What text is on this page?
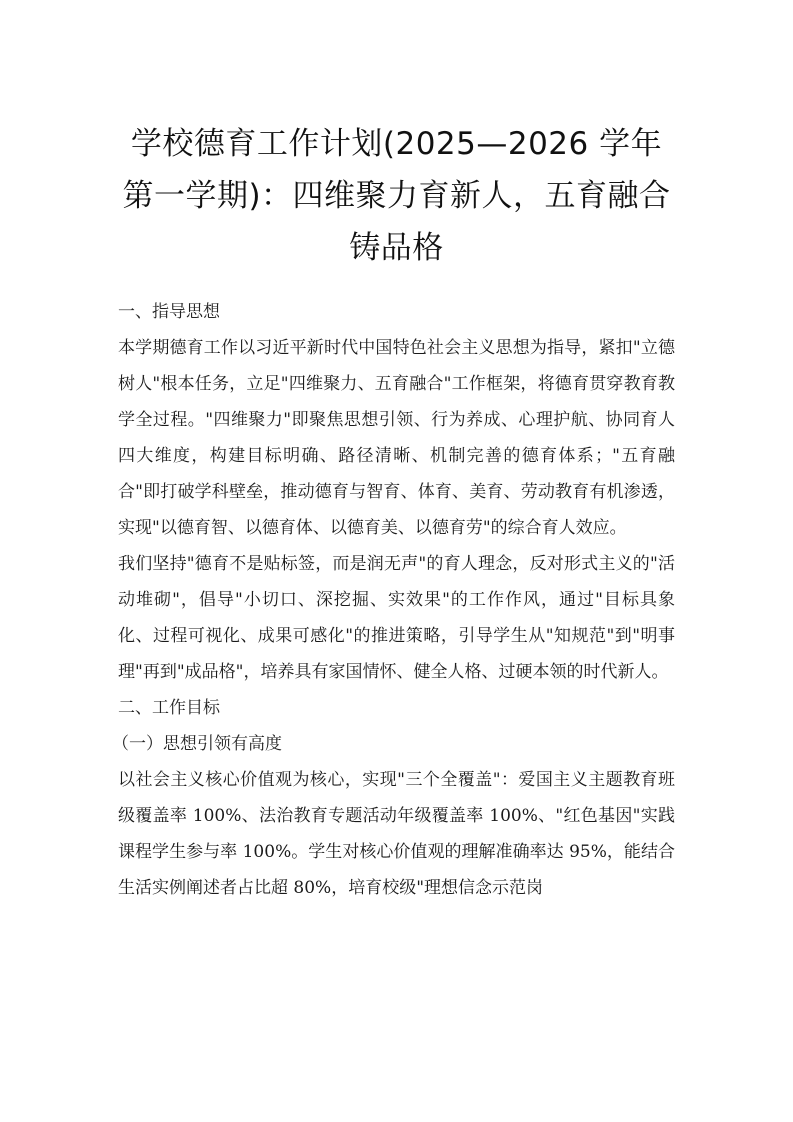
学校德育工作计划(2025—2026 学年第一学期)：四维聚力育新人，五育融合铸品格

一、指导思想

本学期德育工作以习近平新时代中国特色社会主义思想为指导，紧扣"立德树人"根本任务，立足"四维聚力、五育融合"工作框架，将德育贯穿教育教学全过程。"四维聚力"即聚焦思想引领、行为养成、心理护航、协同育人四大维度，构建目标明确、路径清晰、机制完善的德育体系；"五育融合"即打破学科壁垒，推动德育与智育、体育、美育、劳动教育有机渗透，实现"以德育智、以德育体、以德育美、以德育劳"的综合育人效应。

我们坚持"德育不是贴标签，而是润无声"的育人理念，反对形式主义的"活动堆砌"，倡导"小切口、深挖掘、实效果"的工作作风，通过"目标具象化、过程可视化、成果可感化"的推进策略，引导学生从"知规范"到"明事理"再到"成品格"，培养具有家国情怀、健全人格、过硬本领的时代新人。

二、工作目标

（一）思想引领有高度

以社会主义核心价值观为核心，实现"三个全覆盖"：爱国主义主题教育班级覆盖率 100%、法治教育专题活动年级覆盖率 100%、"红色基因"实践课程学生参与率 100%。学生对核心价值观的理解准确率达 95%，能结合生活实例阐述者占比超 80%，培育校级"理想信念示范岗
